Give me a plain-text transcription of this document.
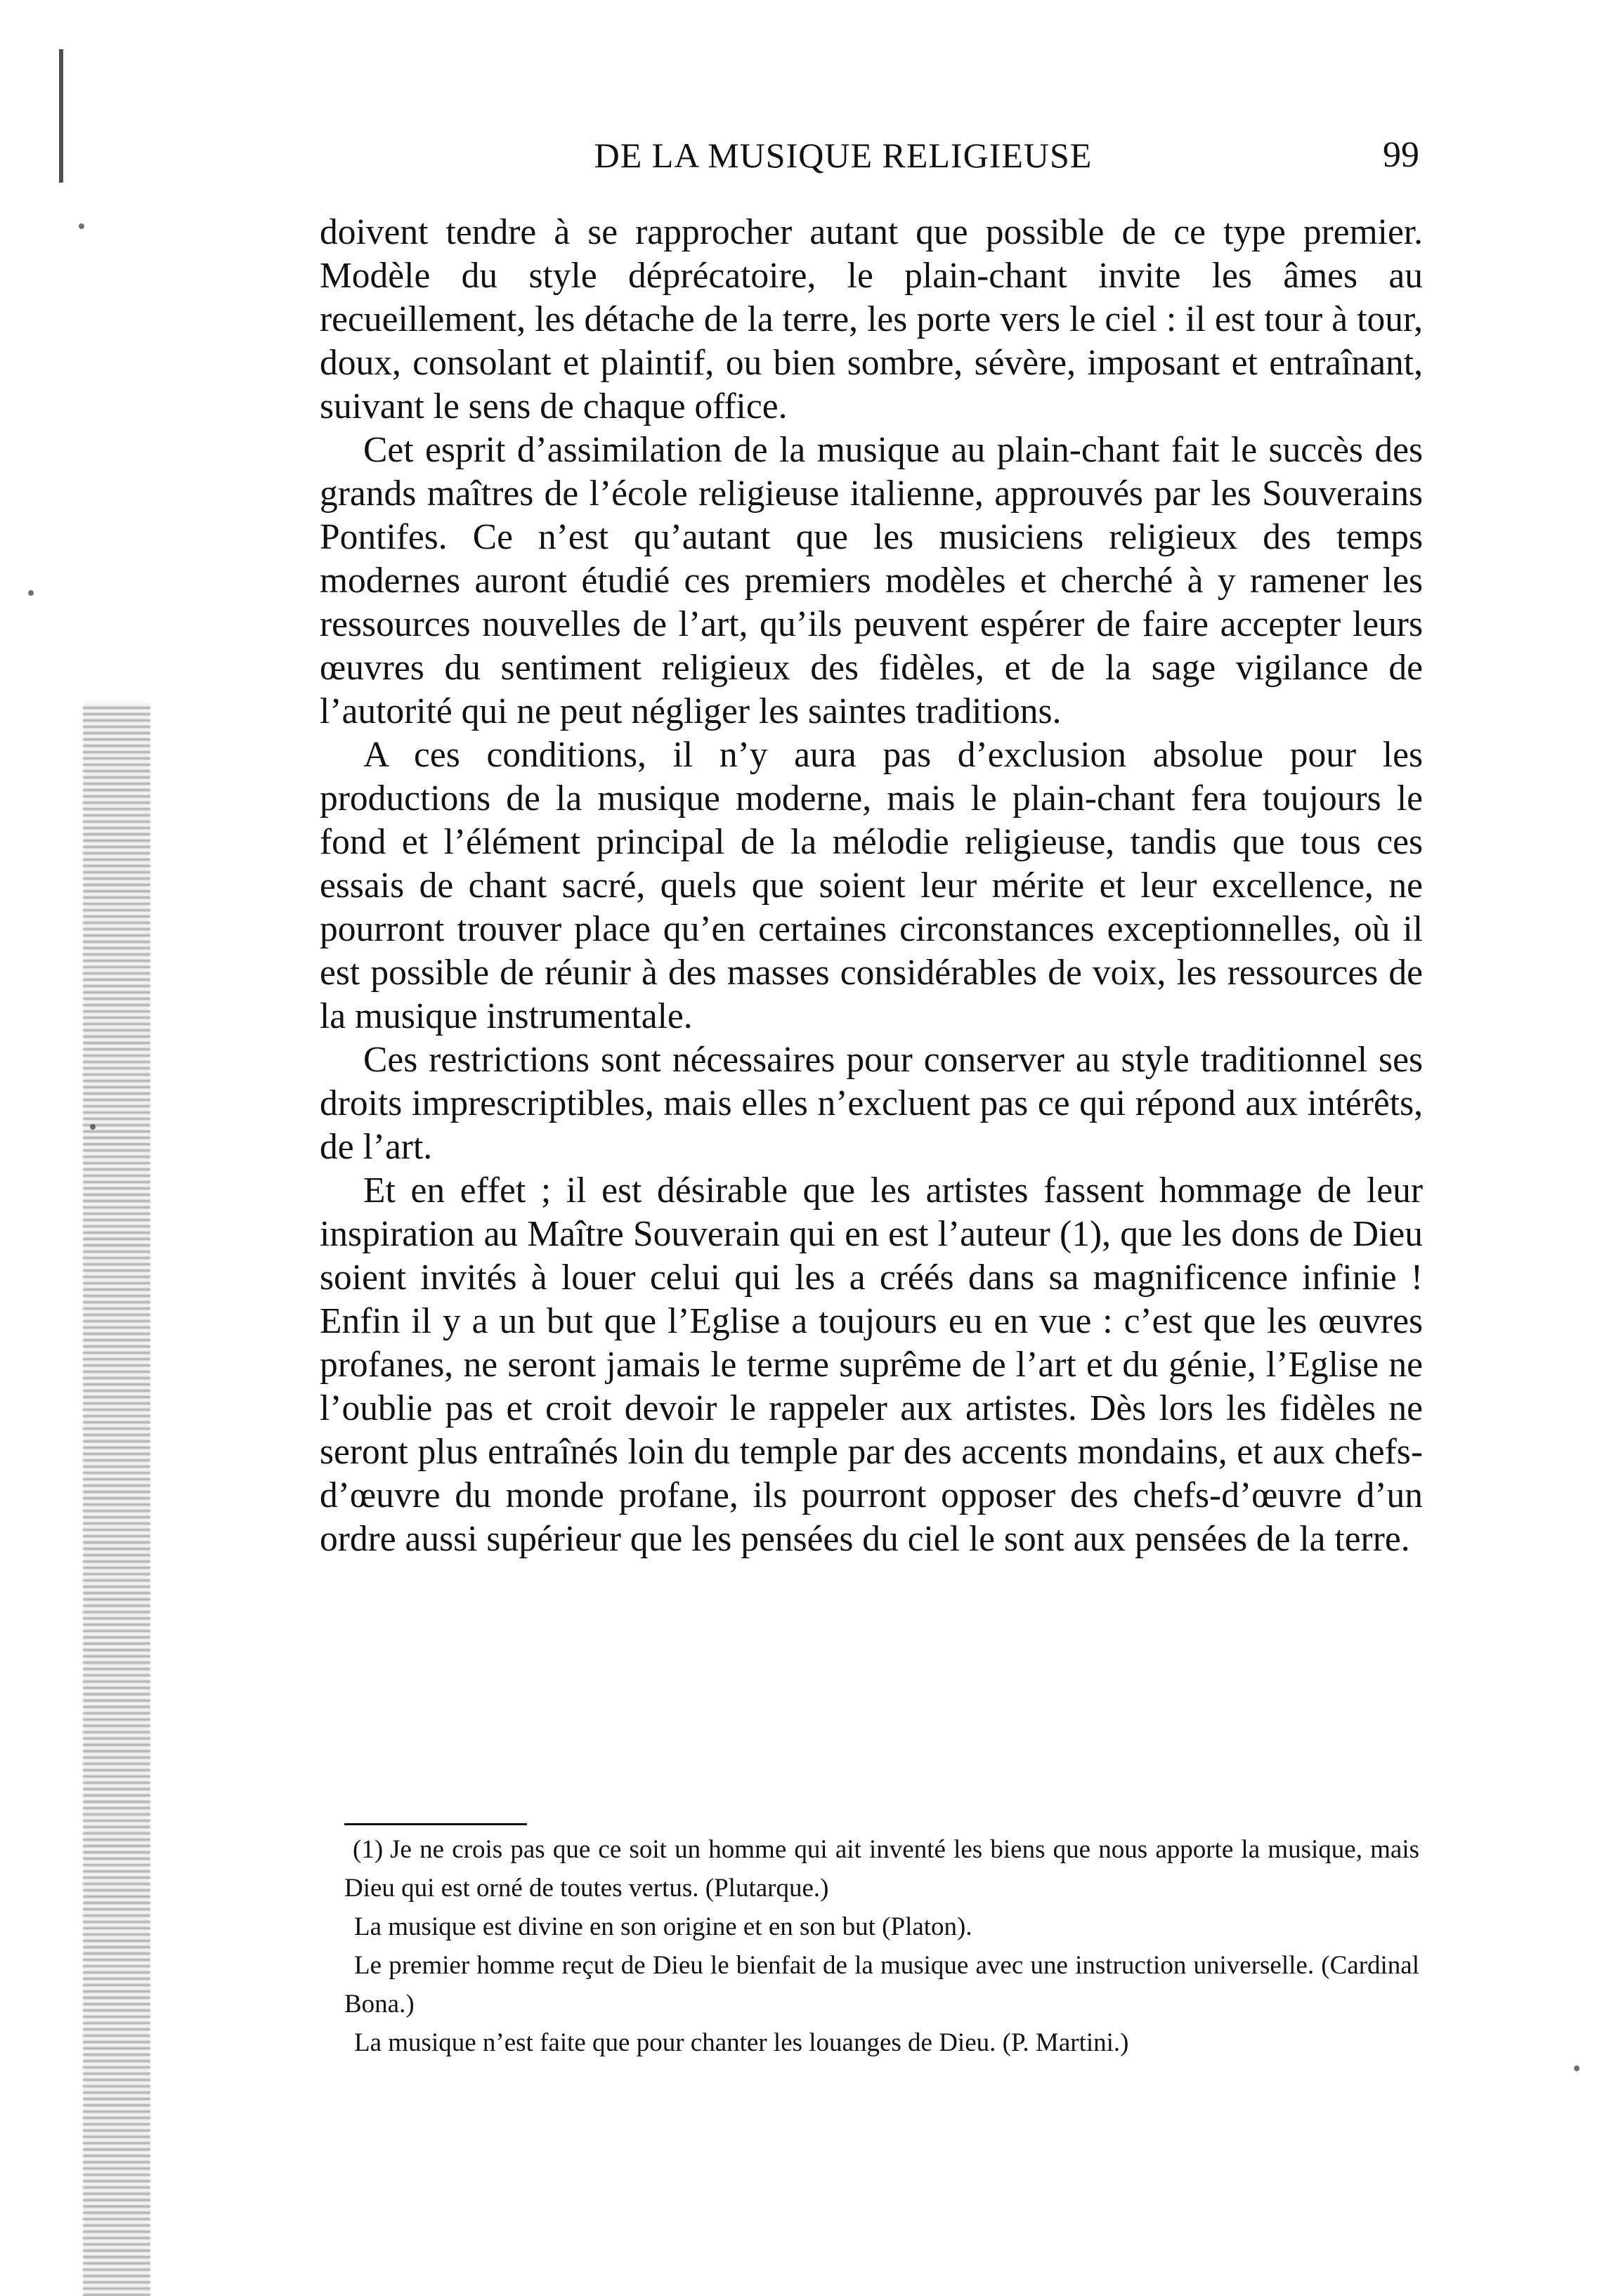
DE LA MUSIQUE RELIGIEUSE	99

doivent tendre à se rapprocher autant que possible de ce type premier. Modèle du style déprécatoire, le plain-chant invite les âmes au recueillement, les détache de la terre, les porte vers le ciel : il est tour à tour, doux, consolant et plaintif, ou bien sombre, sévère, imposant et entraînant, suivant le sens de chaque office.

Cet esprit d’assimilation de la musique au plain-chant fait le succès des grands maîtres de l’école religieuse italienne, approuvés par les Souverains Pontifes. Ce n’est qu’autant que les musiciens religieux des temps modernes auront étudié ces premiers modèles et cherché à y ramener les ressources nouvelles de l’art, qu’ils peuvent espérer de faire accepter leurs œuvres du sentiment religieux des fidèles, et de la sage vigilance de l’autorité qui ne peut négliger les saintes traditions.

A ces conditions, il n’y aura pas d’exclusion absolue pour les productions de la musique moderne, mais le plain-chant fera toujours le fond et l’élément principal de la mélodie religieuse, tandis que tous ces essais de chant sacré, quels que soient leur mérite et leur excellence, ne pourront trouver place qu’en certaines circonstances exceptionnelles, où il est possible de réunir à des masses considérables de voix, les ressources de la musique instrumentale.

Ces restrictions sont nécessaires pour conserver au style traditionnel ses droits imprescriptibles, mais elles n’excluent pas ce qui répond aux intérêts, de l’art.

Et en effet ; il est désirable que les artistes fassent hommage de leur inspiration au Maître Souverain qui en est l’auteur (1), que les dons de Dieu soient invités à louer celui qui les a créés dans sa magnificence infinie ! Enfin il y a un but que l’Eglise a toujours eu en vue : c’est que les œuvres profanes, ne seront jamais le terme suprême de l’art et du génie, l’Eglise ne l’oublie pas et croit devoir le rappeler aux artistes. Dès lors les fidèles ne seront plus entraînés loin du temple par des accents mondains, et aux chefs-d’œuvre du monde profane, ils pourront opposer des chefs-d’œuvre d’un ordre aussi supérieur que les pensées du ciel le sont aux pensées de la terre.

(1) Je ne crois pas que ce soit un homme qui ait inventé les biens que nous apporte la musique, mais Dieu qui est orné de toutes vertus. (Plutarque.)

La musique est divine en son origine et en son but (Platon).

Le premier homme reçut de Dieu le bienfait de la musique avec une instruction universelle. (Cardinal Bona.)

La musique n’est faite que pour chanter les louanges de Dieu. (P. Martini.)
